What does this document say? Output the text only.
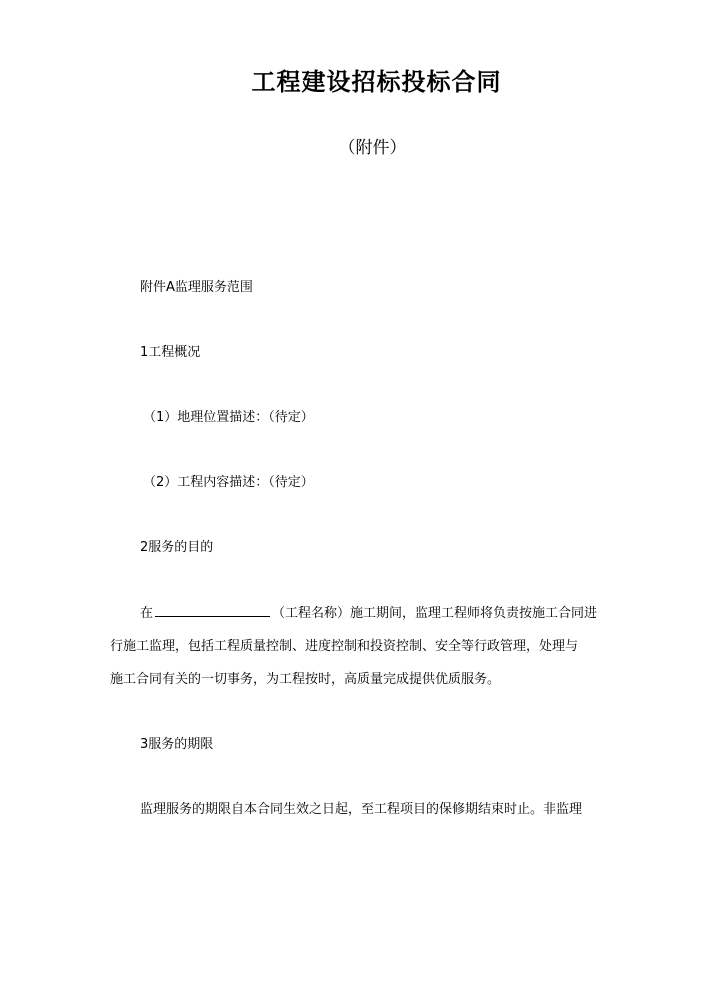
工程建设招标投标合同
（附件）
附件A监理服务范围
1工程概况
（1）地理位置描述：（待定）
（2）工程内容描述：（待定）
2服务的目的
在	（工程名称）施工期间，监理工程师将负责按施工合同进
行施工监理，包括工程质量控制、进度控制和投资控制、安全等行政管理，处理与
施工合同有关的一切事务，为工程按时，高质量完成提供优质服务。
3服务的期限
监理服务的期限自本合同生效之日起，至工程项目的保修期结束时止。非监理
